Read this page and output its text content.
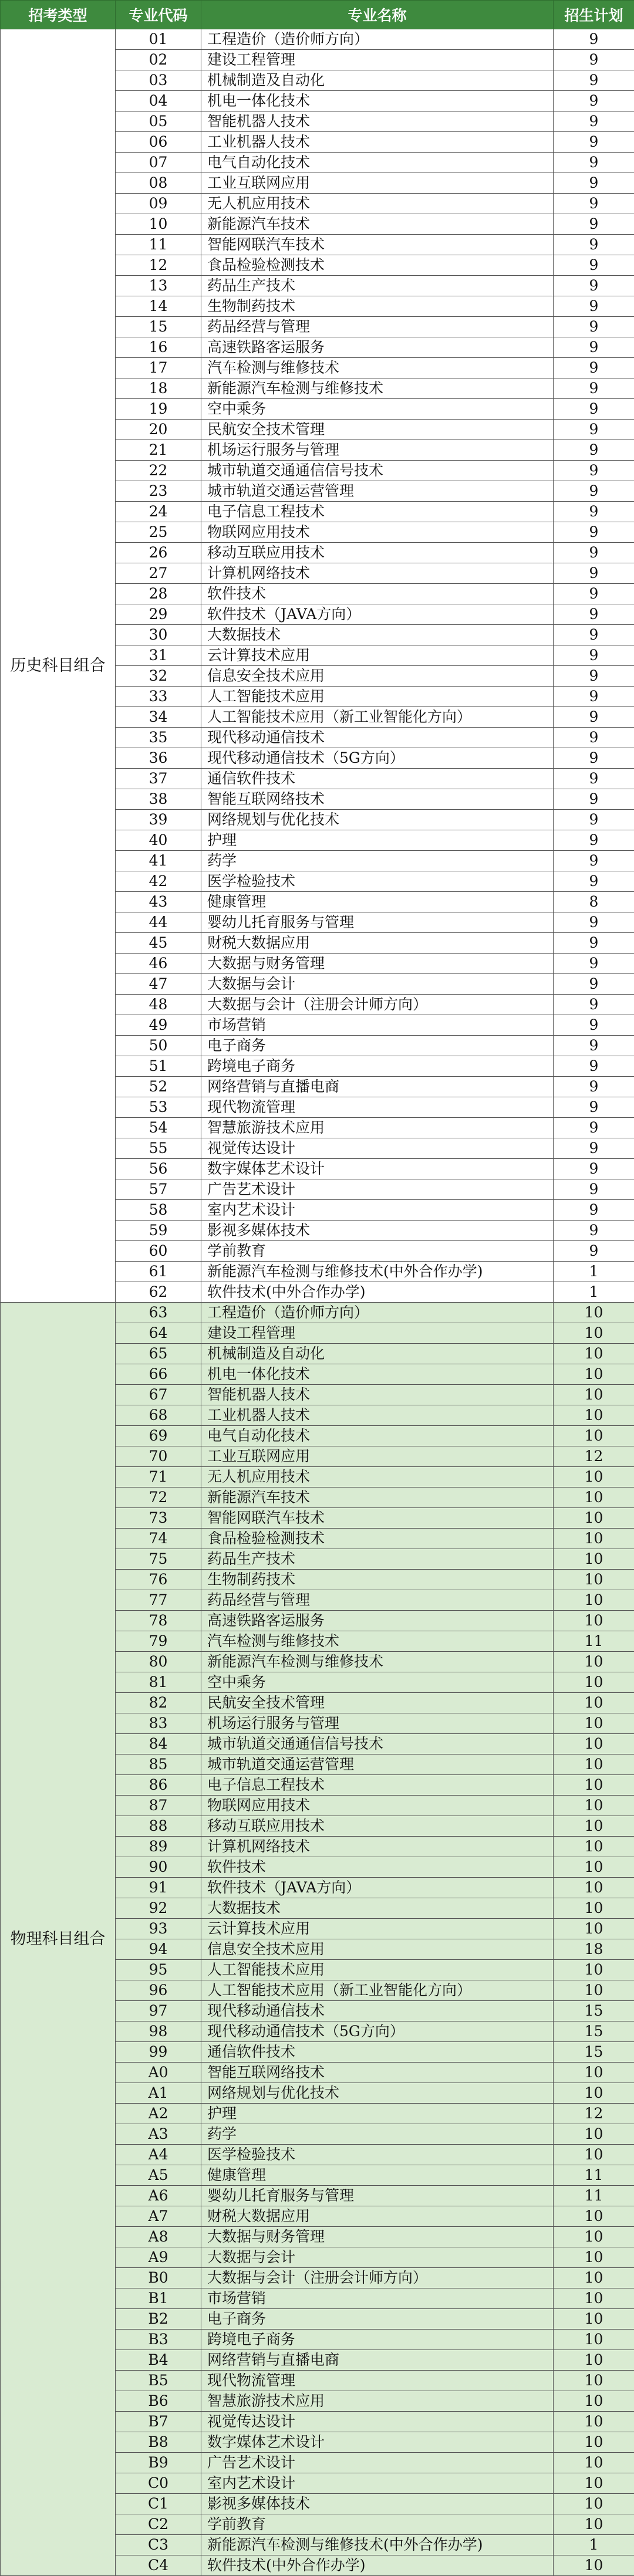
招考类型	专业代码	专业名称	招生计划
历史科目组合	01	工程造价（造价师方向）	9
	02	建设工程管理	9
	03	机械制造及自动化	9
	04	机电一体化技术	9
	05	智能机器人技术	9
	06	工业机器人技术	9
	07	电气自动化技术	9
	08	工业互联网应用	9
	09	无人机应用技术	9
	10	新能源汽车技术	9
	11	智能网联汽车技术	9
	12	食品检验检测技术	9
	13	药品生产技术	9
	14	生物制药技术	9
	15	药品经营与管理	9
	16	高速铁路客运服务	9
	17	汽车检测与维修技术	9
	18	新能源汽车检测与维修技术	9
	19	空中乘务	9
	20	民航安全技术管理	9
	21	机场运行服务与管理	9
	22	城市轨道交通通信信号技术	9
	23	城市轨道交通运营管理	9
	24	电子信息工程技术	9
	25	物联网应用技术	9
	26	移动互联应用技术	9
	27	计算机网络技术	9
	28	软件技术	9
	29	软件技术（JAVA方向）	9
	30	大数据技术	9
	31	云计算技术应用	9
	32	信息安全技术应用	9
	33	人工智能技术应用	9
	34	人工智能技术应用（新工业智能化方向）	9
	35	现代移动通信技术	9
	36	现代移动通信技术（5G方向）	9
	37	通信软件技术	9
	38	智能互联网络技术	9
	39	网络规划与优化技术	9
	40	护理	9
	41	药学	9
	42	医学检验技术	9
	43	健康管理	8
	44	婴幼儿托育服务与管理	9
	45	财税大数据应用	9
	46	大数据与财务管理	9
	47	大数据与会计	9
	48	大数据与会计（注册会计师方向）	9
	49	市场营销	9
	50	电子商务	9
	51	跨境电子商务	9
	52	网络营销与直播电商	9
	53	现代物流管理	9
	54	智慧旅游技术应用	9
	55	视觉传达设计	9
	56	数字媒体艺术设计	9
	57	广告艺术设计	9
	58	室内艺术设计	9
	59	影视多媒体技术	9
	60	学前教育	9
	61	新能源汽车检测与维修技术(中外合作办学)	1
	62	软件技术(中外合作办学)	1
物理科目组合	63	工程造价（造价师方向）	10
	64	建设工程管理	10
	65	机械制造及自动化	10
	66	机电一体化技术	10
	67	智能机器人技术	10
	68	工业机器人技术	10
	69	电气自动化技术	10
	70	工业互联网应用	12
	71	无人机应用技术	10
	72	新能源汽车技术	10
	73	智能网联汽车技术	10
	74	食品检验检测技术	10
	75	药品生产技术	10
	76	生物制药技术	10
	77	药品经营与管理	10
	78	高速铁路客运服务	10
	79	汽车检测与维修技术	11
	80	新能源汽车检测与维修技术	10
	81	空中乘务	10
	82	民航安全技术管理	10
	83	机场运行服务与管理	10
	84	城市轨道交通通信信号技术	10
	85	城市轨道交通运营管理	10
	86	电子信息工程技术	10
	87	物联网应用技术	10
	88	移动互联应用技术	10
	89	计算机网络技术	10
	90	软件技术	10
	91	软件技术（JAVA方向）	10
	92	大数据技术	10
	93	云计算技术应用	10
	94	信息安全技术应用	18
	95	人工智能技术应用	10
	96	人工智能技术应用（新工业智能化方向）	10
	97	现代移动通信技术	15
	98	现代移动通信技术（5G方向）	15
	99	通信软件技术	15
	A0	智能互联网络技术	10
	A1	网络规划与优化技术	10
	A2	护理	12
	A3	药学	10
	A4	医学检验技术	10
	A5	健康管理	11
	A6	婴幼儿托育服务与管理	11
	A7	财税大数据应用	10
	A8	大数据与财务管理	10
	A9	大数据与会计	10
	B0	大数据与会计（注册会计师方向）	10
	B1	市场营销	10
	B2	电子商务	10
	B3	跨境电子商务	10
	B4	网络营销与直播电商	10
	B5	现代物流管理	10
	B6	智慧旅游技术应用	10
	B7	视觉传达设计	10
	B8	数字媒体艺术设计	10
	B9	广告艺术设计	10
	C0	室内艺术设计	10
	C1	影视多媒体技术	10
	C2	学前教育	10
	C3	新能源汽车检测与维修技术(中外合作办学)	1
	C4	软件技术(中外合作办学)	10
